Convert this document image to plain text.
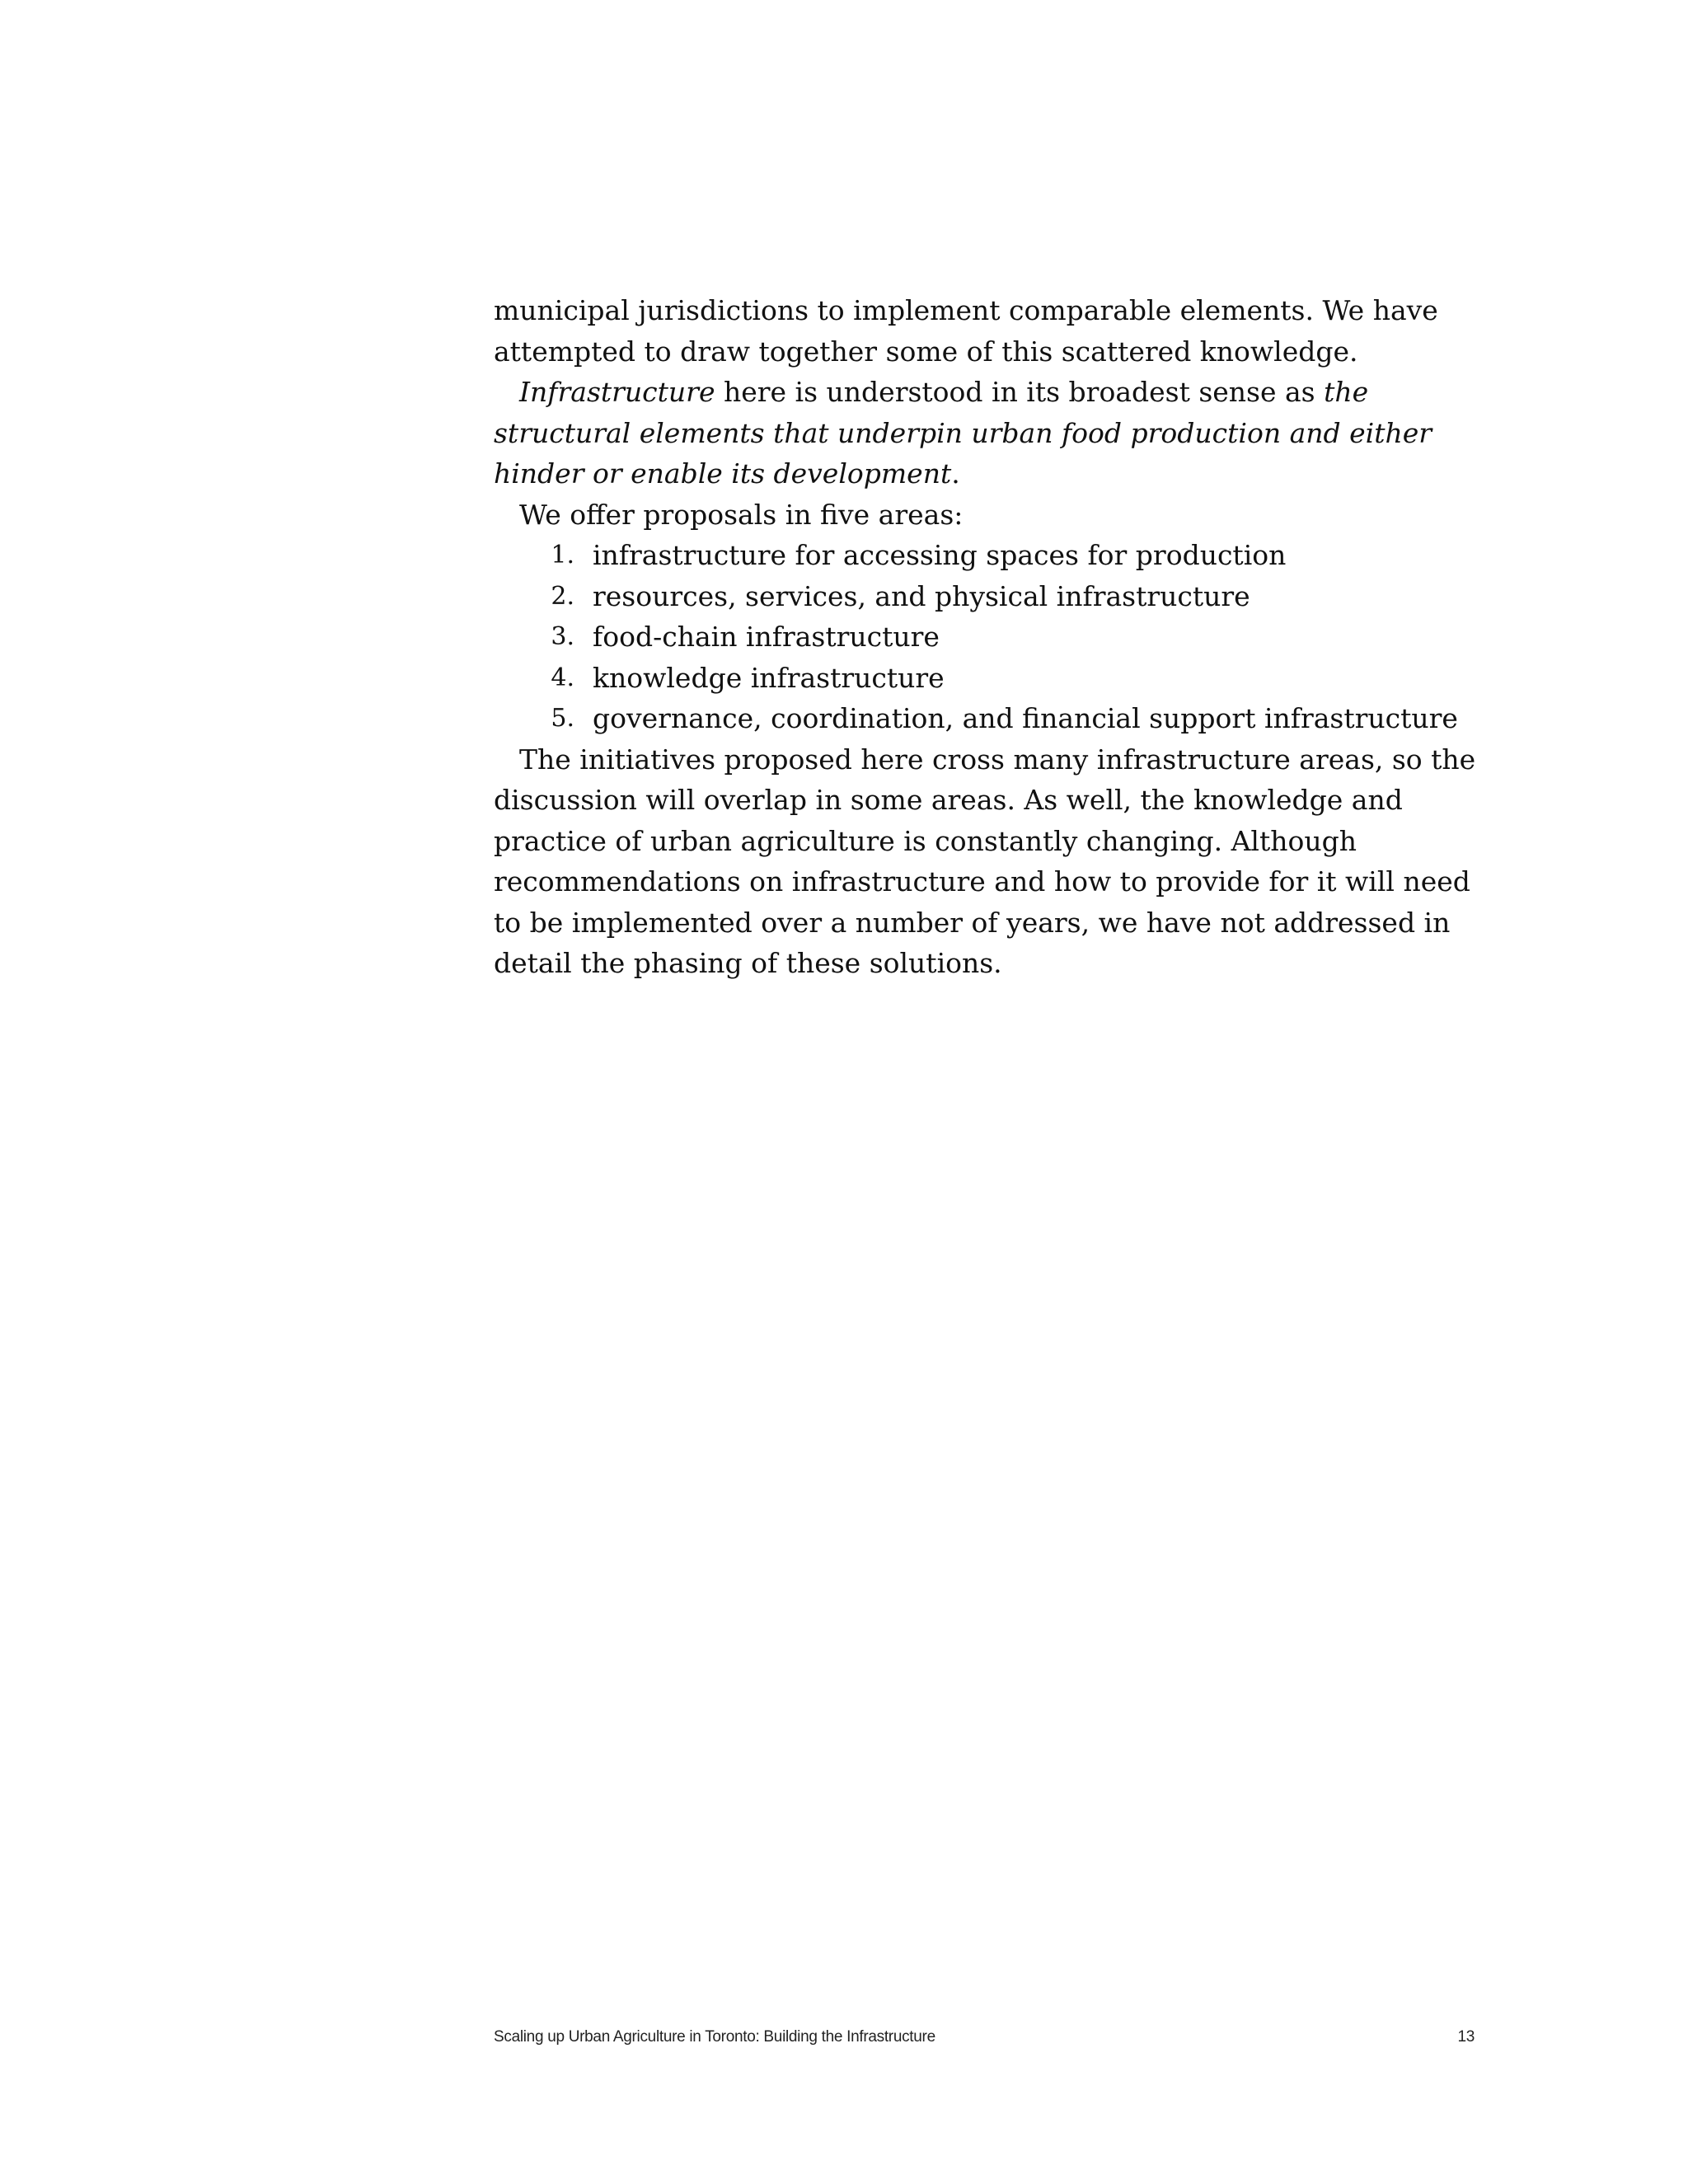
municipal jurisdictions to implement comparable elements. We have attempted to draw together some of this scattered knowledge.

Infrastructure here is understood in its broadest sense as the structural elements that underpin urban food production and either hinder or enable its development.

We offer proposals in five areas:

1. infrastructure for accessing spaces for production
2. resources, services, and physical infrastructure
3. food-chain infrastructure
4. knowledge infrastructure
5. governance, coordination, and financial support infrastructure

The initiatives proposed here cross many infrastructure areas, so the discussion will overlap in some areas. As well, the knowledge and practice of urban agriculture is constantly changing. Although recommendations on infrastructure and how to provide for it will need to be implemented over a number of years, we have not addressed in detail the phasing of these solutions.

Scaling up Urban Agriculture in Toronto: Building the Infrastructure	13
